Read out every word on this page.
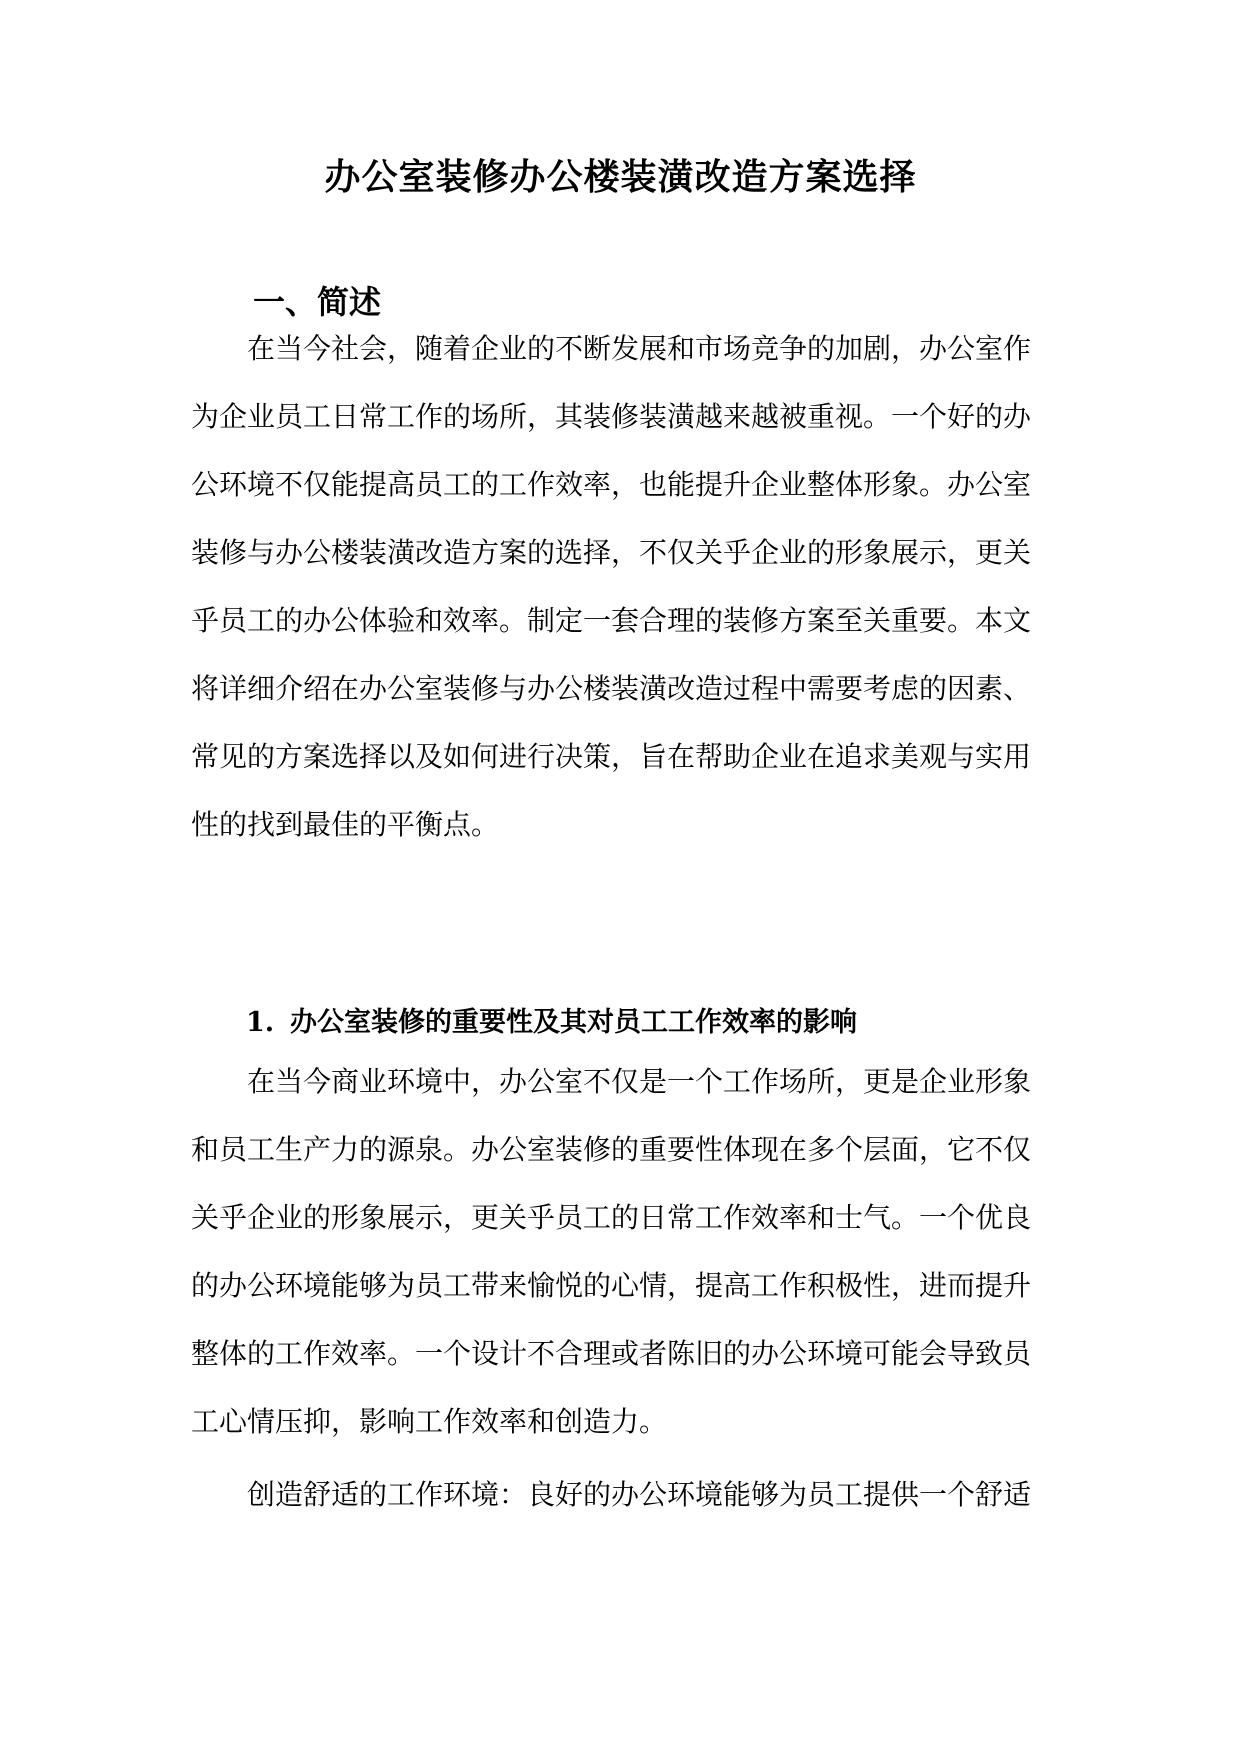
办公室装修办公楼装潢改造方案选择
一、简述

在当今社会，随着企业的不断发展和市场竞争的加剧，办公室作

为企业员工日常工作的场所，其装修装潢越来越被重视。一个好的办

公环境不仅能提高员工的工作效率，也能提升企业整体形象。办公室

装修与办公楼装潢改造方案的选择，不仅关乎企业的形象展示，更关

乎员工的办公体验和效率。制定一套合理的装修方案至关重要。本文

将详细介绍在办公室装修与办公楼装潢改造过程中需要考虑的因素、

常见的方案选择以及如何进行决策，旨在帮助企业在追求美观与实用

性的找到最佳的平衡点。

1. 办公室装修的重要性及其对员工工作效率的影响

在当今商业环境中，办公室不仅是一个工作场所，更是企业形象

和员工生产力的源泉。办公室装修的重要性体现在多个层面，它不仅

关乎企业的形象展示，更关乎员工的日常工作效率和士气。一个优良

的办公环境能够为员工带来愉悦的心情，提高工作积极性，进而提升

整体的工作效率。一个设计不合理或者陈旧的办公环境可能会导致员

工心情压抑，影响工作效率和创造力。

创造舒适的工作环境：良好的办公环境能够为员工提供一个舒适
